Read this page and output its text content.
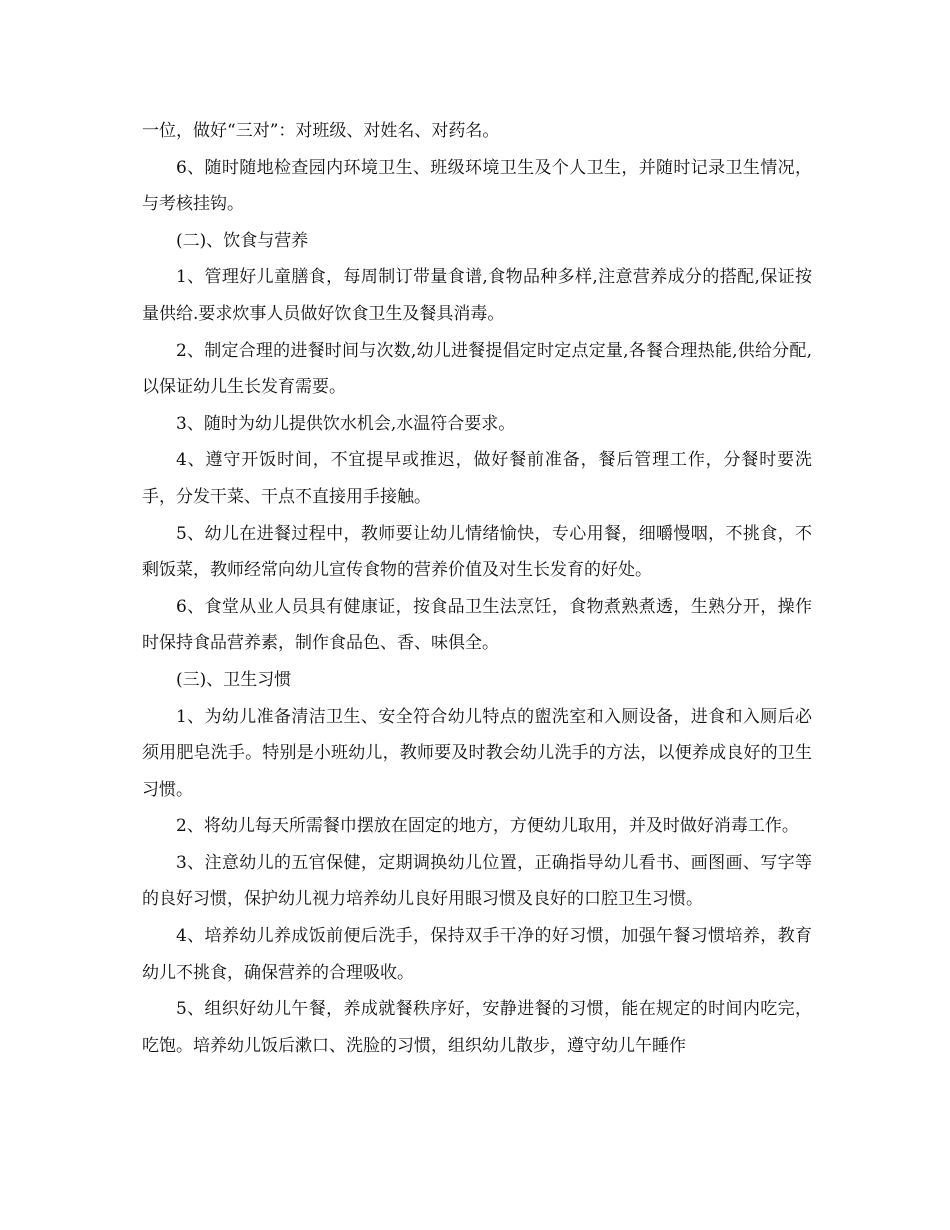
一位，做好“三对”：对班级、对姓名、对药名。

6、随时随地检查园内环境卫生、班级环境卫生及个人卫生，并随时记录卫生情况，与考核挂钩。

(二)、饮食与营养

1、管理好儿童膳食，每周制订带量食谱,食物品种多样,注意营养成分的搭配,保证按量供给.要求炊事人员做好饮食卫生及餐具消毒。

2、制定合理的进餐时间与次数,幼儿进餐提倡定时定点定量,各餐合理热能,供给分配,以保证幼儿生长发育需要。

3、随时为幼儿提供饮水机会,水温符合要求。

4、遵守开饭时间，不宜提早或推迟，做好餐前准备，餐后管理工作，分餐时要洗手，分发干菜、干点不直接用手接触。

5、幼儿在进餐过程中，教师要让幼儿情绪愉快，专心用餐，细嚼慢咽，不挑食，不剩饭菜，教师经常向幼儿宣传食物的营养价值及对生长发育的好处。

6、食堂从业人员具有健康证，按食品卫生法烹饪，食物煮熟煮透，生熟分开，操作时保持食品营养素，制作食品色、香、味俱全。

(三)、卫生习惯

1、为幼儿准备清洁卫生、安全符合幼儿特点的盥洗室和入厕设备，进食和入厕后必须用肥皂洗手。特别是小班幼儿，教师要及时教会幼儿洗手的方法，以便养成良好的卫生习惯。

2、将幼儿每天所需餐巾摆放在固定的地方，方便幼儿取用，并及时做好消毒工作。

3、注意幼儿的五官保健，定期调换幼儿位置，正确指导幼儿看书、画图画、写字等的良好习惯，保护幼儿视力培养幼儿良好用眼习惯及良好的口腔卫生习惯。

4、培养幼儿养成饭前便后洗手，保持双手干净的好习惯，加强午餐习惯培养，教育幼儿不挑食，确保营养的合理吸收。

5、组织好幼儿午餐，养成就餐秩序好，安静进餐的习惯，能在规定的时间内吃完，吃饱。培养幼儿饭后漱口、洗脸的习惯，组织幼儿散步，遵守幼儿午睡作
